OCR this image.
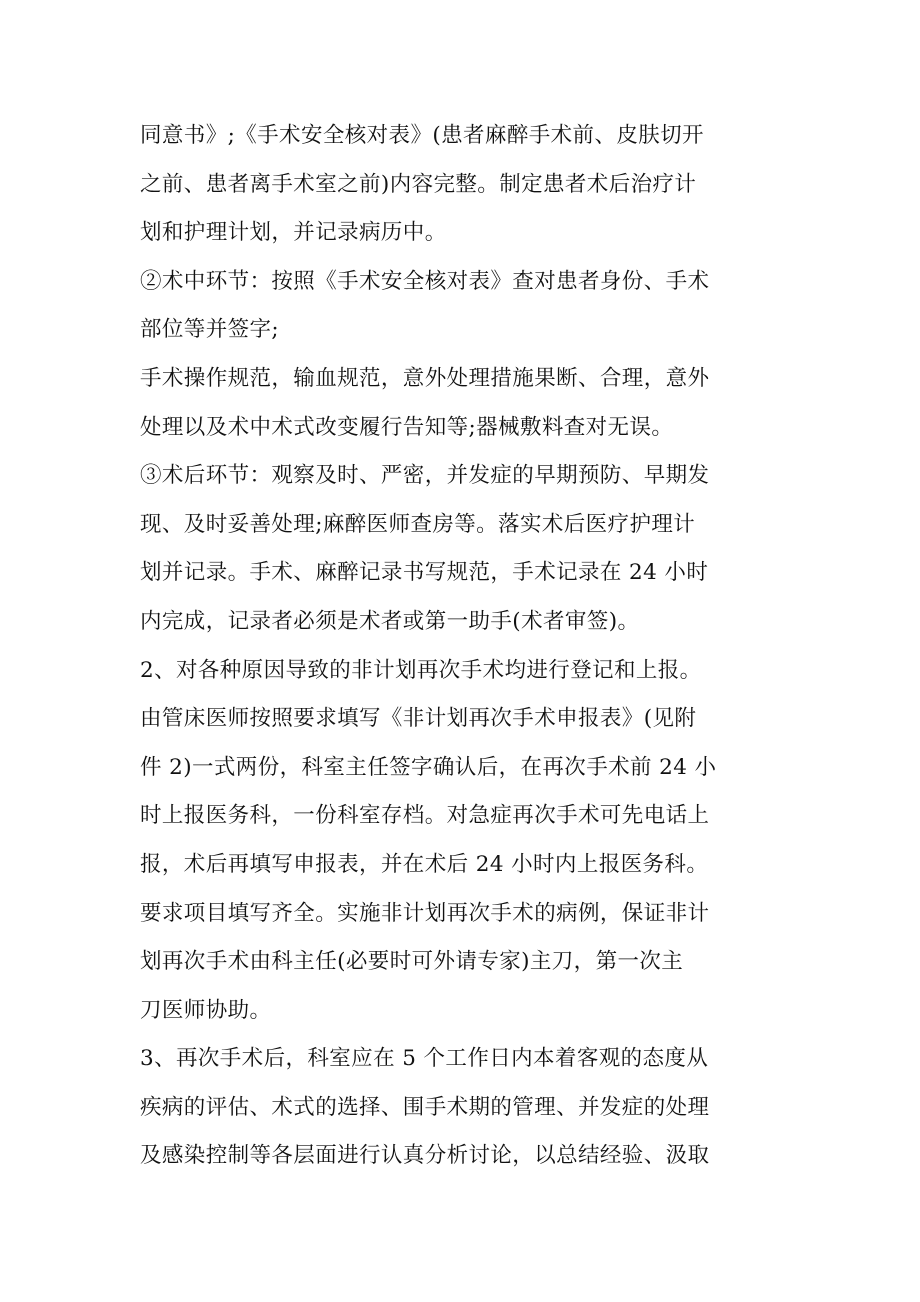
同意书》;《手术安全核对表》(患者麻醉手术前、皮肤切开
之前、患者离手术室之前)内容完整。制定患者术后治疗计
划和护理计划，并记录病历中。
②术中环节：按照《手术安全核对表》查对患者身份、手术
部位等并签字;
手术操作规范，输血规范，意外处理措施果断、合理，意外
处理以及术中术式改变履行告知等;器械敷料查对无误。
③术后环节：观察及时、严密，并发症的早期预防、早期发
现、及时妥善处理;麻醉医师查房等。落实术后医疗护理计
划并记录。手术、麻醉记录书写规范，手术记录在 24 小时
内完成，记录者必须是术者或第一助手(术者审签)。
2、对各种原因导致的非计划再次手术均进行登记和上报。
由管床医师按照要求填写《非计划再次手术申报表》(见附
件 2)一式两份，科室主任签字确认后，在再次手术前 24 小
时上报医务科，一份科室存档。对急症再次手术可先电话上
报，术后再填写申报表，并在术后 24 小时内上报医务科。
要求项目填写齐全。实施非计划再次手术的病例，保证非计
划再次手术由科主任(必要时可外请专家)主刀，第一次主
刀医师协助。
3、再次手术后，科室应在 5 个工作日内本着客观的态度从
疾病的评估、术式的选择、围手术期的管理、并发症的处理
及感染控制等各层面进行认真分析讨论，以总结经验、汲取
